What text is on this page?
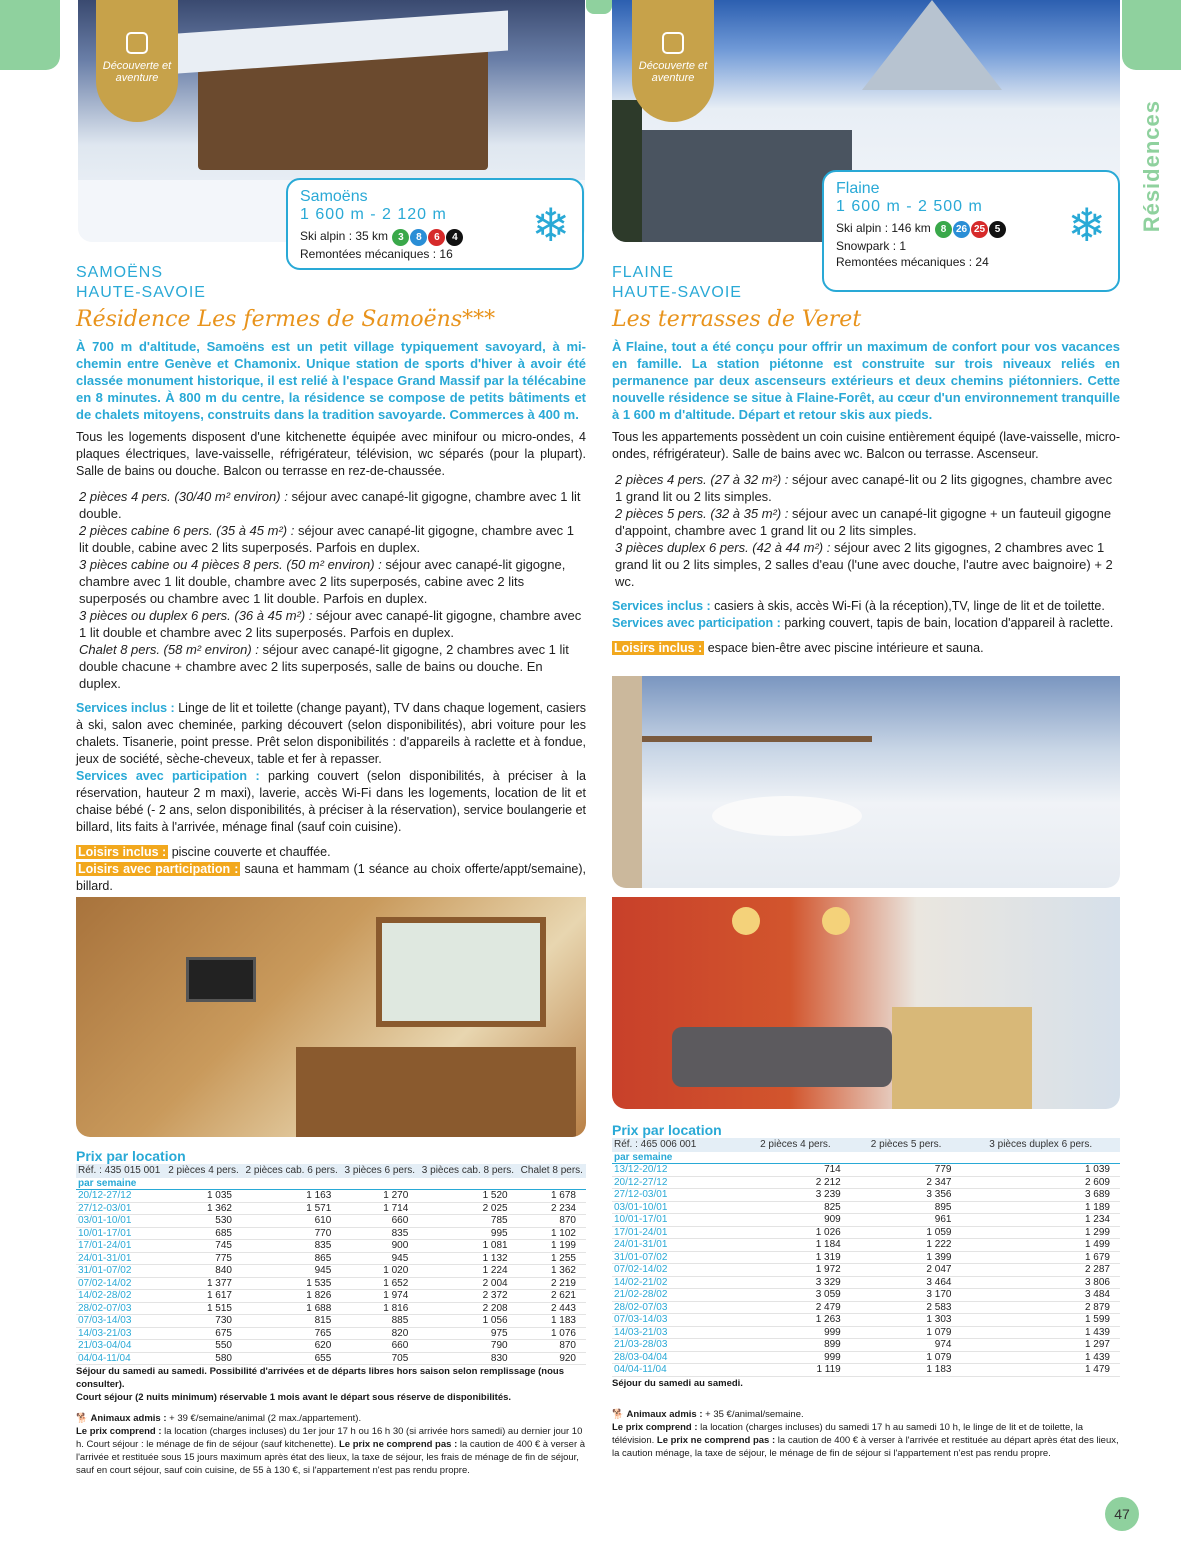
Résidences
Découverte et aventure
Samoëns
1 600 m - 2 120 m
Ski alpin : 35 km 3 8 6 4
Remontées mécaniques : 16
❄
SAMOËNS
HAUTE-SAVOIE
Résidence Les fermes de Samoëns***
À 700 m d'altitude, Samoëns est un petit village typiquement savoyard, à mi-chemin entre Genève et Chamonix. Unique station de sports d'hiver à avoir été classée monument historique, il est relié à l'espace Grand Massif par la télécabine en 8 minutes. À 800 m du centre, la résidence se compose de petits bâtiments et de chalets mitoyens, construits dans la tradition savoyarde. Commerces à 400 m.
Tous les logements disposent d'une kitchenette équipée avec minifour ou micro-ondes, 4 plaques électriques, lave-vaisselle, réfrigérateur, télévision, wc séparés (pour la plupart). Salle de bains ou douche. Balcon ou terrasse en rez-de-chaussée.
2 pièces 4 pers. (30/40 m² environ) : séjour avec canapé-lit gigogne, chambre avec 1 lit double.
2 pièces cabine 6 pers. (35 à 45 m²) : séjour avec canapé-lit gigogne, chambre avec 1 lit double, cabine avec 2 lits superposés. Parfois en duplex.
3 pièces cabine ou 4 pièces 8 pers. (50 m² environ) : séjour avec canapé-lit gigogne, chambre avec 1 lit double, chambre avec 2 lits superposés, cabine avec 2 lits superposés ou chambre avec 1 lit double. Parfois en duplex.
3 pièces ou duplex 6 pers. (36 à 45 m²) : séjour avec canapé-lit gigogne, chambre avec 1 lit double et chambre avec 2 lits superposés. Parfois en duplex.
Chalet 8 pers. (58 m² environ) : séjour avec canapé-lit gigogne, 2 chambres avec 1 lit double chacune + chambre avec 2 lits superposés, salle de bains ou douche. En duplex.
Services inclus : Linge de lit et toilette (change payant), TV dans chaque logement, casiers à ski, salon avec cheminée, parking découvert (selon disponibilités), abri voiture pour les chalets. Tisanerie, point presse. Prêt selon disponibilités : d'appareils à raclette et à fondue, jeux de société, sèche-cheveux, table et fer à repasser.
Services avec participation : parking couvert (selon disponibilités, à préciser à la réservation, hauteur 2 m maxi), laverie, accès Wi-Fi dans les logements, location de lit et chaise bébé (- 2 ans, selon disponibilités, à préciser à la réservation), service boulangerie et billard, lits faits à l'arrivée, ménage final (sauf coin cuisine).
Loisirs inclus : piscine couverte et chauffée.
Loisirs avec participation : sauna et hammam (1 séance au choix offerte/appt/semaine), billard.
Prix par location
Réf. : 435 015 001	2 pièces 4 pers.	2 pièces cab. 6 pers.	3 pièces 6 pers.	3 pièces cab. 8 pers.	Chalet 8 pers.
par semaine					
20/12-27/12	1 035	1 163	1 270	1 520	1 678
27/12-03/01	1 362	1 571	1 714	2 025	2 234
03/01-10/01	530	610	660	785	870
10/01-17/01	685	770	835	995	1 102
17/01-24/01	745	835	900	1 081	1 199
24/01-31/01	775	865	945	1 132	1 255
31/01-07/02	840	945	1 020	1 224	1 362
07/02-14/02	1 377	1 535	1 652	2 004	2 219
14/02-28/02	1 617	1 826	1 974	2 372	2 621
28/02-07/03	1 515	1 688	1 816	2 208	2 443
07/03-14/03	730	815	885	1 056	1 183
14/03-21/03	675	765	820	975	1 076
21/03-04/04	550	620	660	790	870
04/04-11/04	580	655	705	830	920
Séjour du samedi au samedi. Possibilité d'arrivées et de départs libres hors saison selon remplissage (nous consulter).
Court séjour (2 nuits minimum) réservable 1 mois avant le départ sous réserve de disponibilités.
🐕 Animaux admis : + 39 €/semaine/animal (2 max./appartement).
Le prix comprend : la location (charges incluses) du 1er jour 17 h ou 16 h 30 (si arrivée hors samedi) au dernier jour 10 h. Court séjour : le ménage de fin de séjour (sauf kitchenette). Le prix ne comprend pas : la caution de 400 € à verser à l'arrivée et restituée sous 15 jours maximum après état des lieux, la taxe de séjour, les frais de ménage de fin de séjour, sauf en court séjour, sauf coin cuisine, de 55 à 130 €, si l'appartement n'est pas rendu propre.
Découverte et aventure
Flaine
1 600 m - 2 500 m
Ski alpin : 146 km 8 26 25 5
Snowpark : 1
Remontées mécaniques : 24
❄
FLAINE
HAUTE-SAVOIE
Les terrasses de Veret
À Flaine, tout a été conçu pour offrir un maximum de confort pour vos vacances en famille. La station piétonne est construite sur trois niveaux reliés en permanence par deux ascenseurs extérieurs et deux chemins piétonniers. Cette nouvelle résidence se situe à Flaine-Forêt, au cœur d'un environnement tranquille à 1 600 m d'altitude. Départ et retour skis aux pieds.
Tous les appartements possèdent un coin cuisine entièrement équipé (lave-vaisselle, micro-ondes, réfrigérateur). Salle de bains avec wc. Balcon ou terrasse. Ascenseur.
2 pièces 4 pers. (27 à 32 m²) : séjour avec canapé-lit ou 2 lits gigognes, chambre avec 1 grand lit ou 2 lits simples.
2 pièces 5 pers. (32 à 35 m²) : séjour avec un canapé-lit gigogne + un fauteuil gigogne d'appoint, chambre avec 1 grand lit ou 2 lits simples.
3 pièces duplex 6 pers. (42 à 44 m²) : séjour avec 2 lits gigognes, 2 chambres avec 1 grand lit ou 2 lits simples, 2 salles d'eau (l'une avec douche, l'autre avec baignoire) + 2 wc.
Services inclus : casiers à skis, accès Wi-Fi (à la réception),TV, linge de lit et de toilette.
Services avec participation : parking couvert, tapis de bain, location d'appareil à raclette.
Loisirs inclus : espace bien-être avec piscine intérieure et sauna.
Prix par location
Réf. : 465 006 001	2 pièces 4 pers.	2 pièces 5 pers.	3 pièces duplex 6 pers.
par semaine			
13/12-20/12	714	779	1 039
20/12-27/12	2 212	2 347	2 609
27/12-03/01	3 239	3 356	3 689
03/01-10/01	825	895	1 189
10/01-17/01	909	961	1 234
17/01-24/01	1 026	1 059	1 299
24/01-31/01	1 184	1 222	1 499
31/01-07/02	1 319	1 399	1 679
07/02-14/02	1 972	2 047	2 287
14/02-21/02	3 329	3 464	3 806
21/02-28/02	3 059	3 170	3 484
28/02-07/03	2 479	2 583	2 879
07/03-14/03	1 263	1 303	1 599
14/03-21/03	999	1 079	1 439
21/03-28/03	899	974	1 297
28/03-04/04	999	1 079	1 439
04/04-11/04	1 119	1 183	1 479
Séjour du samedi au samedi.
🐕 Animaux admis : + 35 €/animal/semaine.
Le prix comprend : la location (charges incluses) du samedi 17 h au samedi 10 h, le linge de lit et de toilette, la télévision. Le prix ne comprend pas : la caution de 400 € à verser à l'arrivée et restituée au départ après état des lieux, la caution ménage, la taxe de séjour, le ménage de fin de séjour si l'appartement n'est pas rendu propre.
47
